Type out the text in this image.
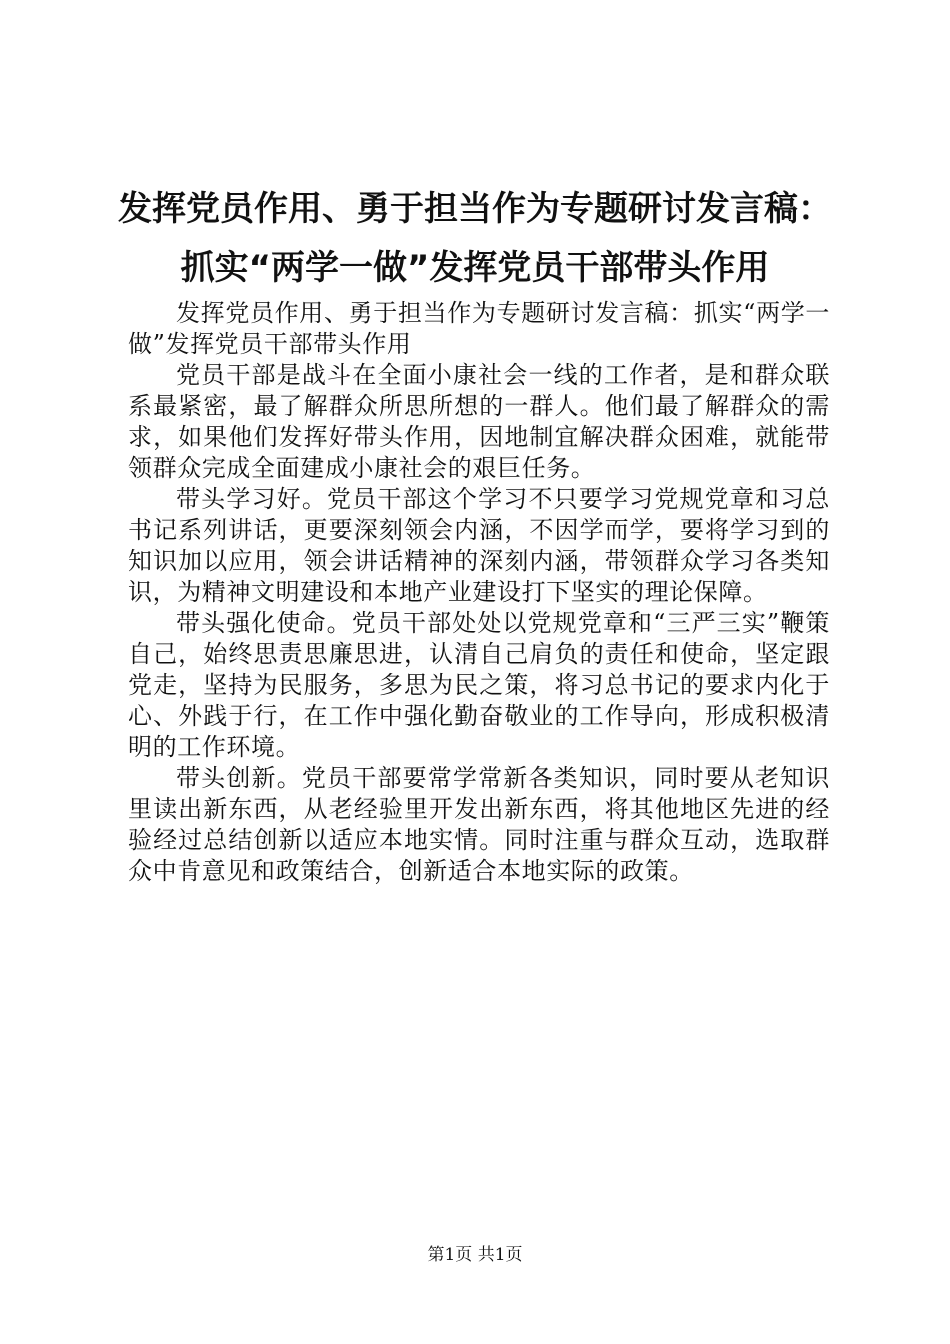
发挥党员作用、勇于担当作为专题研讨发言稿：
抓实“两学一做”发挥党员干部带头作用

发挥党员作用、勇于担当作为专题研讨发言稿：抓实“两学一做”发挥党员干部带头作用

党员干部是战斗在全面小康社会一线的工作者，是和群众联系最紧密，最了解群众所思所想的一群人。他们最了解群众的需求，如果他们发挥好带头作用，因地制宜解决群众困难，就能带领群众完成全面建成小康社会的艰巨任务。

带头学习好。党员干部这个学习不只要学习党规党章和习总书记系列讲话，更要深刻领会内涵，不因学而学，要将学习到的知识加以应用，领会讲话精神的深刻内涵，带领群众学习各类知识，为精神文明建设和本地产业建设打下坚实的理论保障。

带头强化使命。党员干部处处以党规党章和“三严三实”鞭策自己，始终思责思廉思进，认清自己肩负的责任和使命，坚定跟党走，坚持为民服务，多思为民之策，将习总书记的要求内化于心、外践于行，在工作中强化勤奋敬业的工作导向，形成积极清明的工作环境。

带头创新。党员干部要常学常新各类知识，同时要从老知识里读出新东西，从老经验里开发出新东西，将其他地区先进的经验经过总结创新以适应本地实情。同时注重与群众互动，选取群众中肯意见和政策结合，创新适合本地实际的政策。

第1页 共1页
